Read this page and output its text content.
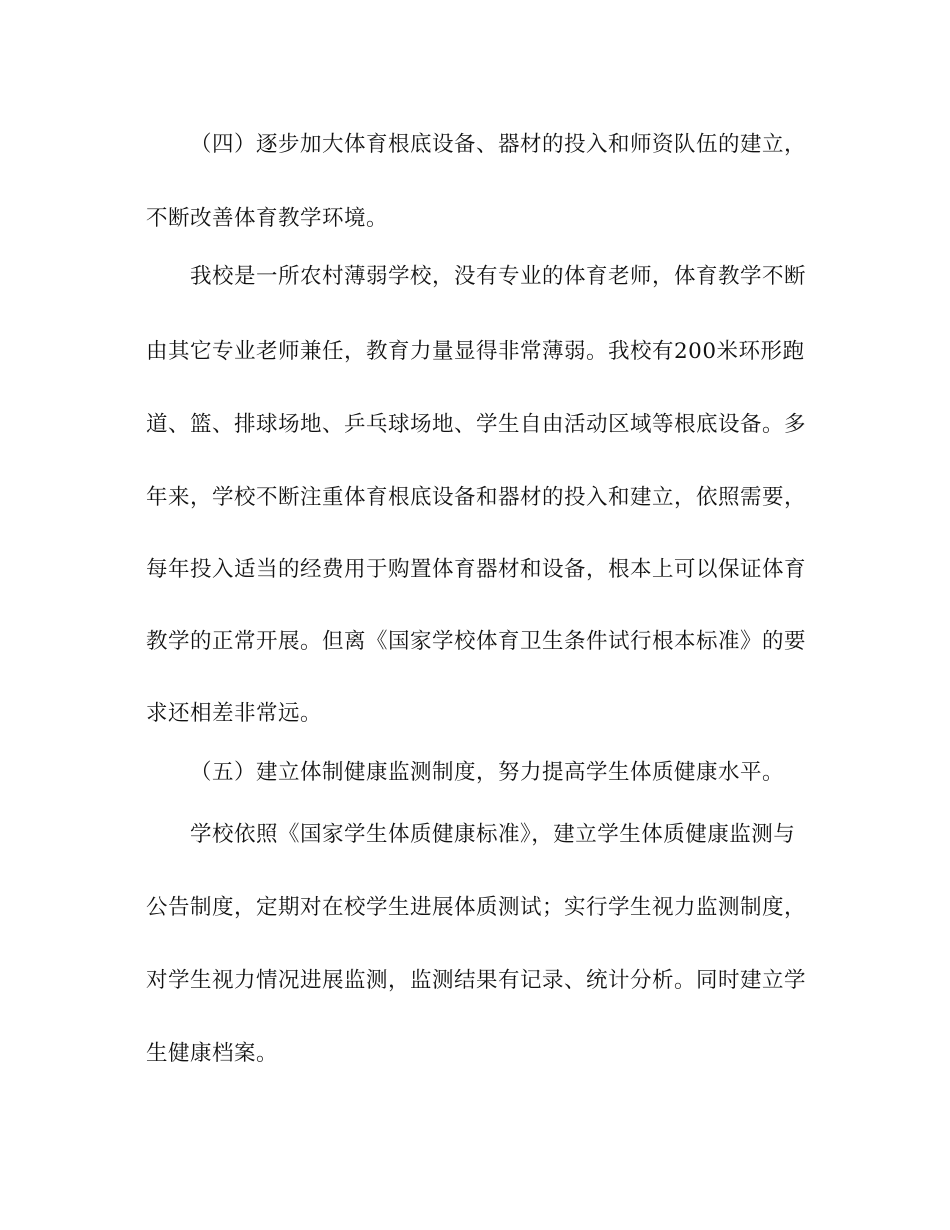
（四）逐步加大体育根底设备、器材的投入和师资队伍的建立，
不断改善体育教学环境。
我校是一所农村薄弱学校，没有专业的体育老师，体育教学不断
由其它专业老师兼任，教育力量显得非常薄弱。我校有200米环形跑
道、篮、排球场地、乒乓球场地、学生自由活动区域等根底设备。多
年来，学校不断注重体育根底设备和器材的投入和建立，依照需要，
每年投入适当的经费用于购置体育器材和设备，根本上可以保证体育
教学的正常开展。但离《国家学校体育卫生条件试行根本标准》的要
求还相差非常远。
（五）建立体制健康监测制度，努力提高学生体质健康水平。
学校依照《国家学生体质健康标准》，建立学生体质健康监测与
公告制度，定期对在校学生进展体质测试；实行学生视力监测制度，
对学生视力情况进展监测，监测结果有记录、统计分析。同时建立学
生健康档案。
